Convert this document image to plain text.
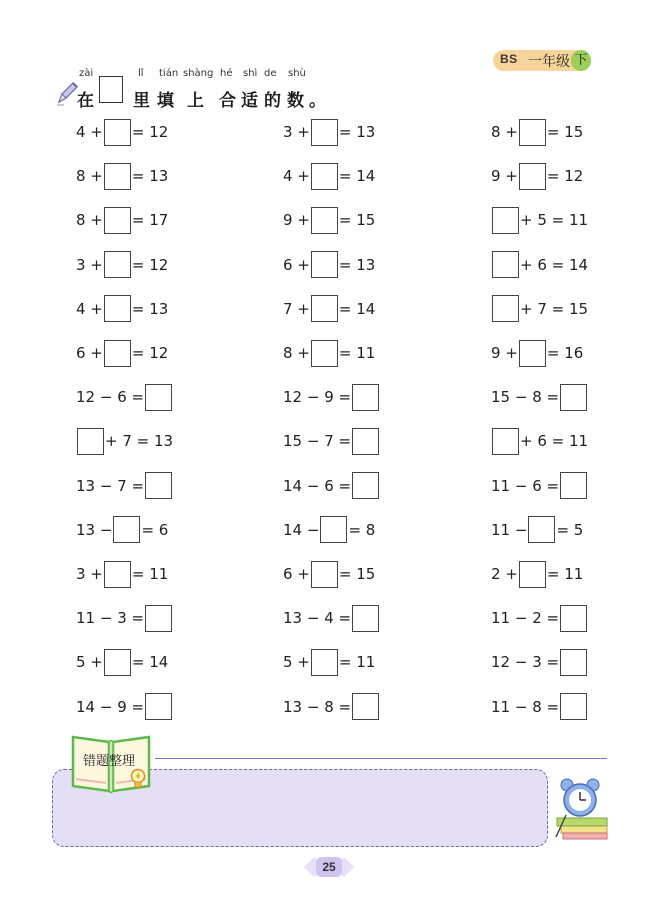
BS 一年级 下
zài	lǐ tián shàng hé shì de shù
在 里 填 上 合 适 的 数 。
4 + = 12	3 + = 13	8 + = 15
8 + = 13	4 + = 14	9 + = 12
8 + = 17	9 + = 15	+ 5 = 11
3 + = 12	6 + = 13	+ 6 = 14
4 + = 13	7 + = 14	+ 7 = 15
6 + = 12	8 + = 11	9 + = 16
12 − 6 =	12 − 9 =	15 − 8 =
+ 7 = 13	15 − 7 =	+ 6 = 11
13 − 7 =	14 − 6 =	11 − 6 =
13 − = 6	14 − = 8	11 − = 5
3 + = 11	6 + = 15	2 + = 11
11 − 3 =	13 − 4 =	11 − 2 =
5 + = 14	5 + = 11	12 − 3 =
14 − 9 =	13 − 8 =	11 − 8 =
错题整理
25
